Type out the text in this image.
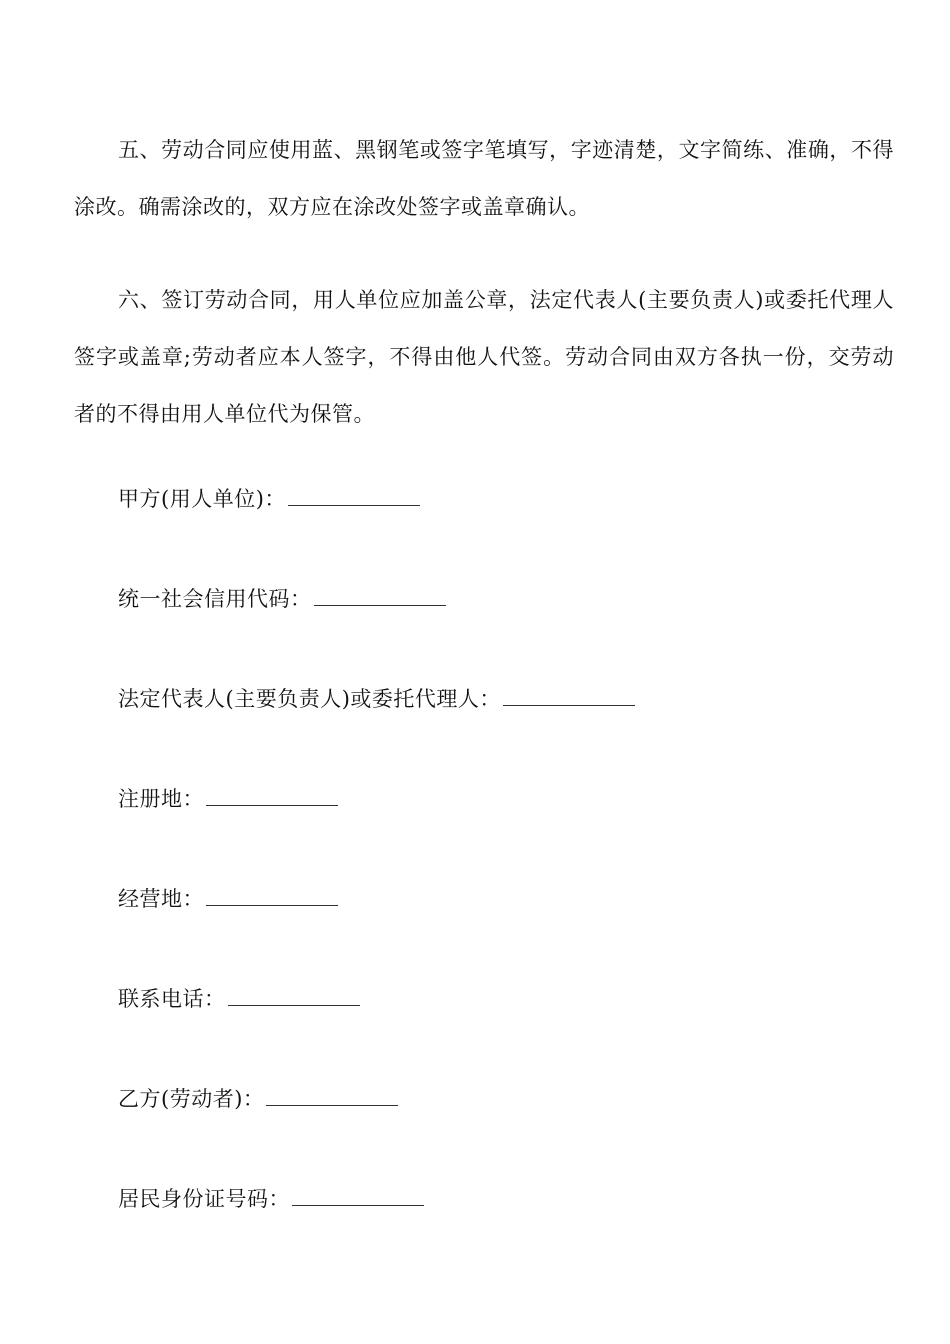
五、劳动合同应使用蓝、黑钢笔或签字笔填写，字迹清楚，文字简练、准确，不得涂改。确需涂改的，双方应在涂改处签字或盖章确认。

六、签订劳动合同，用人单位应加盖公章，法定代表人(主要负责人)或委托代理人签字或盖章;劳动者应本人签字，不得由他人代签。劳动合同由双方各执一份，交劳动者的不得由用人单位代为保管。

甲方(用人单位)：
统一社会信用代码：
法定代表人(主要负责人)或委托代理人：
注册地：
经营地：
联系电话：
乙方(劳动者)：
居民身份证号码：
